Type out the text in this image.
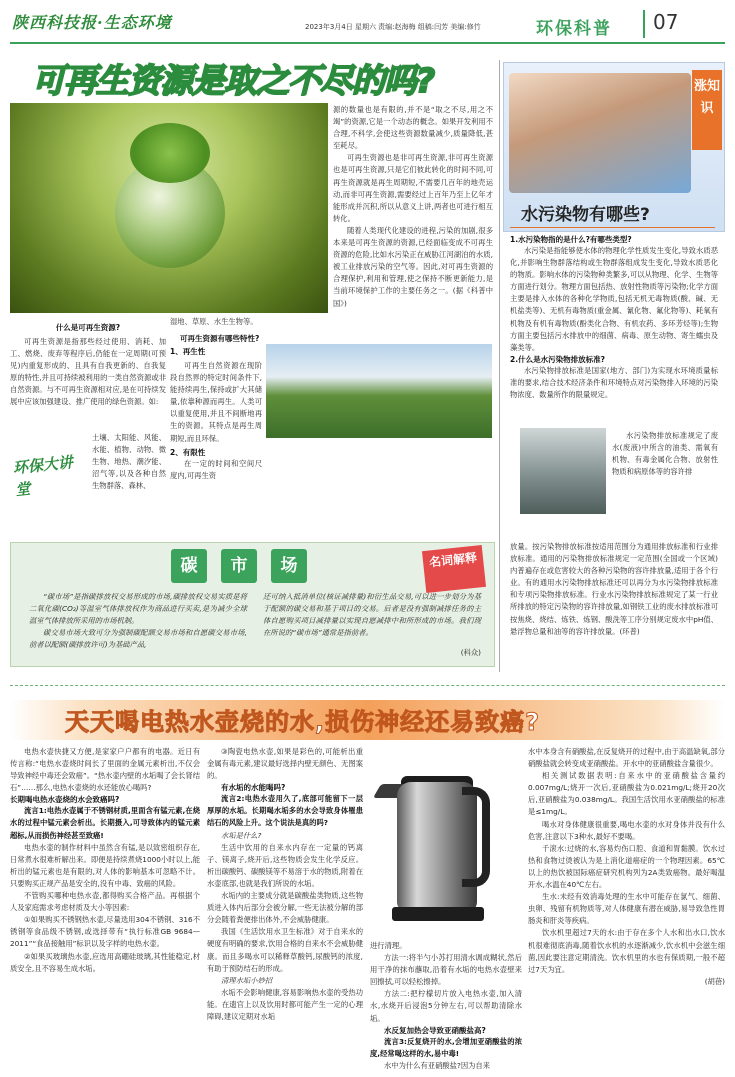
陕西科技报·生态环境	2023年3月4日 星期六 责编:赵海梅 组稿:闫芳 美编:修竹	环保科普	07
可再生资源是取之不尽的吗?

源的数量也是有限的,并不是“取之不尽,用之不竭”的资源,它是一个动态的概念。如果开发利用不合理,不科学,会使这些资源数量减少,质量降低,甚至耗尽。

可再生资源也是非可再生资源,非可再生资源也是可再生资源,只是它们彼此转化的时间不同,可再生资源就是再生周期短,不需要几百年的地壳运动,而非可再生资源,需要经过上百年乃至上亿年才能形成并沉积,所以从意义上讲,两者也可进行相互转化。

随着人类现代化建设的进程,污染的加剧,很多本来是可再生资源的资源,已经面临变成不可再生资源的危险,比如水污染正在威胁江河湖泊的水质,被工业排放污染的空气等。因此,对可再生资源的合理保护,利用和管理,使之保持不断更新能力,是当前环境保护工作的主要任务之一。(据《科普中国》)

什么是可再生资源?

可再生资源是指那些经过使用、消耗、加工、燃烧、废弃等程序后,仍能在一定周期(可预见)内重复形成的、且具有自我更新的、自我复原的特性,并且可持续被利用的一类自然资源或非自然资源。与不可再生资源相对应,是在可持续发展中应该加强建设、推广使用的绿色资源。如:

环保大讲堂

土壤、太阳能、风能、水能、植物、动物、微生物、地热、潮汐能、沼气等,以及各种自然生物群落、森林、

湿地、草原、水生生物等。

可再生资源有哪些特性?
1、再生性

可再生自然资源在现阶段自然界的特定时间条件下,能持续再生,保持或扩大其储量,依靠种源而再生。人类可以重复使用,并且不间断地再生的资源。其特点是再生周期短,而且环保。

2、有限性

在一定的时间和空间尺度内,可再生资

涨知识
水污染物有哪些?
1.水污染物指的是什么?有哪些类型?

水污染是指能够使水体的物理化学性质发生变化,导致水质恶化,并影响生物群落结构或生物群落组成发生变化,导致水质恶化的物质。影响水体的污染物种类繁多,可以从物理、化学、生物等方面进行划分。物理方面包括热、放射性物质等污染物;化学方面主要是排入水体的各种化学物质,包括无机无毒物质(酸、碱、无机盐类等)、无机有毒物质(重金属、氰化物、氟化物等)、耗氧有机物及有机有毒物质(酚类化合物、有机农药、多环芳烃等);生物方面主要包括污水排放中的细菌、病毒、原生动物、寄生蠕虫及藻类等。

2.什么是水污染物排放标准?

水污染物排放标准是国家(地方、部门)为实现水环境质量标准的要求,结合技术经济条件和环境特点对污染物排入环境的污染物浓度、数量所作的限量规定。

水污染物排放标准规定了废水(废液)中所含的油类、需氧有机物、有毒金属化合物、放射性物质和病原体等的容许排

放量。按污染物排放标准按适用范围分为通用排放标准和行业排放标准。通用的污染物排放标准规定一定范围(全国或一个区域)内普遍存在或危害较大的各种污染物的容许排放量,适用于各个行业。有的通用水污染物排放标准还可以再分为水污染物排放标准和专项污染物排放标准。行业水污染物排放标准规定了某一行业所排放的特定污染物的容许排放量,如钢铁工业的废水排放标准可按焦烧、烧结、炼铁、炼钢、酸洗等工序分别规定废水中pH值、悬浮物总量和油等的容许排放量。(环普)

碳	市	场

“碳市场”是指碳排放权交易形成的市场,碳排放权交易实质是将二氧化碳(CO₂)等温室气体排放权作为商品进行买卖,是为减少全球温室气体排放所采用的市场机制。

碳交易市场大致可分为强制碳配额交易市场和自愿碳交易市场,前者以配额(碳排放许可)为基础产品,

还可纳入抵消单位(核证减排量)和衍生品交易,可以进一步划分为基于配额的碳交易和基于项目的交易。后者是没有强制减排任务的主体自愿购买项目减排量以实现自愿减排中和所形成的市场。我们现在所说的“碳市场”通常是指前者。

(科众)

名词解释
天天喝电热水壶烧的水,损伤神经还易致癌?

电热水壶快捷又方便,是家家户户都有的电器。近日有传言称:“电热水壶烧时间长了里面的金属元素析出,不仅会导致神经中毒还会致癌”。“热水壶内壁的水垢喝了会长肾结石”……那么,电热水壶烧的水还能放心喝吗?

长期喝电热水壶烧的水会致癌吗?

流言1:电热水壶属于不锈钢材质,里面含有锰元素,在烧水的过程中锰元素会析出。长期摄入,可导致体内的锰元素超标,从而损伤神经甚至致癌!

电热水壶的制作材料中虽然含有锰,是以致密组织存在,日常煮水很难析解出来。即便是持续煮烧1000小时以上,能析出的锰元素也是有限的,对人体的影响基本可忽略不计。只要购买正规产品是安全的,没有中毒、致癌的风险。

不管购买哪种电热水壶,都得购买合格产品。再根据个人及家庭需求考虑材质及大小等因素:

①如果购买不锈钢热水壶,尽量选用304不锈钢、316不锈钢等食品级不锈钢,或选择带有“执行标准GB 9684—2011”“食品接触用”标识以及字样的电热水壶。

②如果买玻璃热水壶,应选用高硼硅玻璃,其性能稳定,材质安全,且不容易生成水垢。

③陶瓷电热水壶,如果是彩色的,可能析出重金属有毒元素,建议最好选择内壁无颜色、无图案的。

有水垢的水能喝吗?

流言2:电热水壶用久了,底部可能留下一层厚厚的水垢。长期喝水垢多的水会导致身体罹患结石的风险上升。这个说法是真的吗?

水垢是什么?

生活中饮用的自来水内存在一定量的钙离子、镁离子,烧开后,这些物质会发生化学反应。析出碳酸钙、碳酸镁等不易溶于水的物质,附着在水壶底部,也就是我们所说的水垢。

水垢内的主要成分就是碳酸盐类物质,这些物质进入体内后部分会被分解,一些无法被分解的部分会随着粪便排出体外,不会威胁健康。

我国《生活饮用水卫生标准》对于自来水的硬度有明确的要求,饮用合格的自来水不会威胁健康。而且多喝水可以稀释草酸钙,尿酸钙的浓度,有助于预防结石的形成。

清理水垢小妙招

水垢不会影响健康,容易影响热水壶的受热功能。在遗官上以及饮用时都可能产生一定的心理障碍,建议定期对水垢

进行清理。

方法一:将半勺小苏打用清水调成糊状,然后用干净的抹布蘸取,沿着有水垢的电热水壶壁来回擦拭,可以轻松擦掉。

方法二:把柠檬切片放入电热水壶,加入清水,水烧开后浸泡5分钟左右,可以帮助清除水垢。

水反复加热会导致亚硝酸盐高?

流言3:反复烧开的水,会增加亚硝酸盐的浓度,经常喝这样的水,易中毒!

水中为什么有亚硝酸盐?因为自来

水中本身含有硝酸盐,在反复烧开的过程中,由于高温缺氧,部分硝酸盐就会转变成亚硝酸盐。开水中的亚硝酸盐含量很少。

相关测试数据表明:自来水中的亚硝酸盐含量约0.007mg/L;烧开一次后,亚硝酸盐为0.021mg/L;烧开20次后,亚硝酸盐为0.038mg/L。我国生活饮用水亚硝酸盐的标准是≤1mg/L。

喝水对身体健康很重要,喝电水壶的水对身体并没有什么危害,注意以下3种水,最好不要喝。

千滚水:过烧的水,容易灼伤口腔、食道和胃黏膜。饮水过热和食物过烫被认为是上消化道癌症的一个物理因素。65℃以上的热饮被国际癌症研究机构列为2A类致癌物。最好喝温开水,水温在40℃左右。

生水:未经有效消毒处理的生水中可能存在氯气、细菌、虫卵、残留有机物质等,对人体健康有潜在威胁,易导致急性胃肠炎和肝炎等疾病。

饮水机里超过7天的水:由于存在多个人水和出水口,饮水机很难彻底消毒,随着饮水机的水逐渐减少,饮水机中会滋生细菌,因此要注意定期清洗。饮水机里的水也有保质期,一般不超过7天为宜。

(胡蓓)
